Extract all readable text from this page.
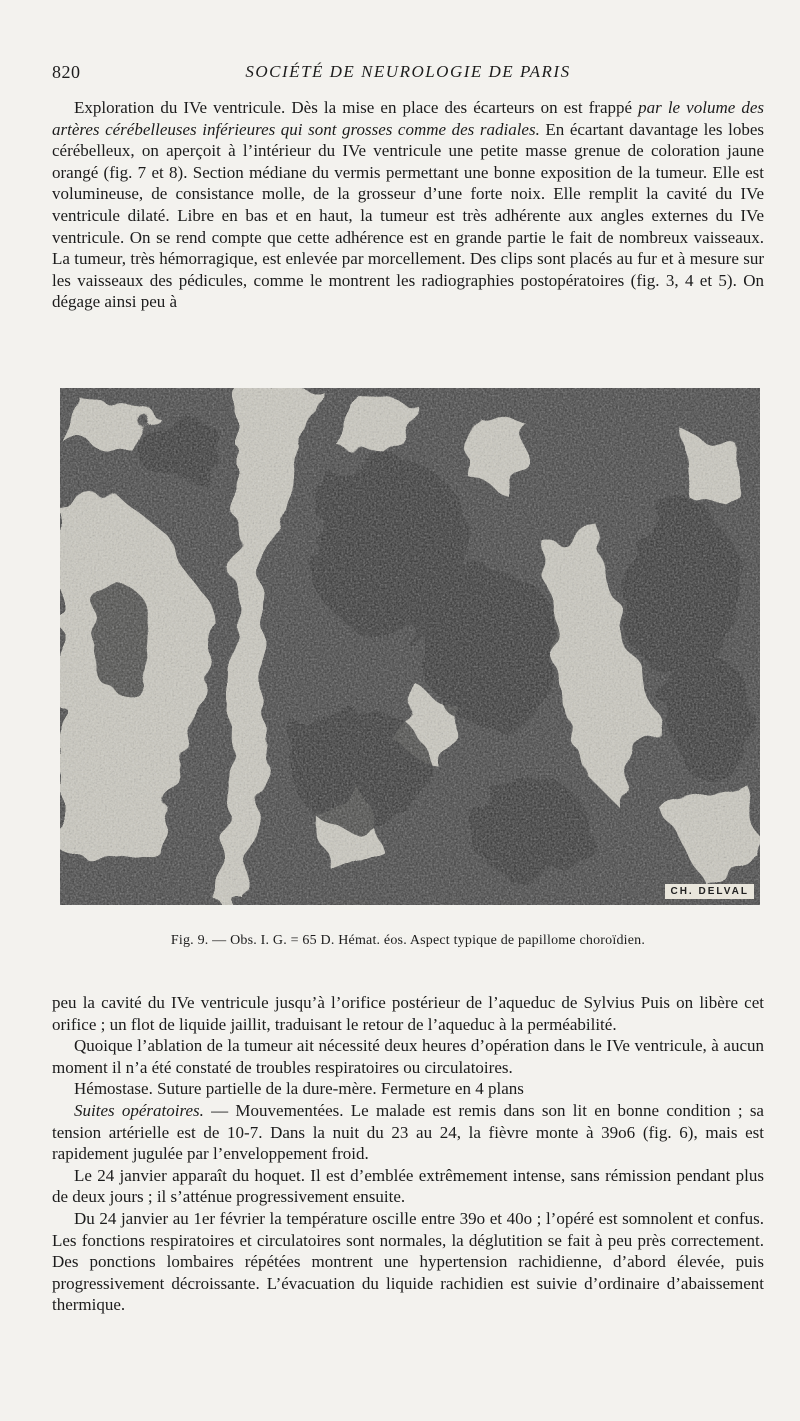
820	SOCIÉTÉ DE NEUROLOGIE DE PARIS

Exploration du IVe ventricule. Dès la mise en place des écarteurs on est frappé par le volume des artères cérébelleuses inférieures qui sont grosses comme des radiales. En écartant davantage les lobes cérébelleux, on aperçoit à l’intérieur du IVe ventricule une petite masse grenue de coloration jaune orangé (fig. 7 et 8). Section médiane du vermis permettant une bonne exposition de la tumeur. Elle est volumineuse, de consistance molle, de la grosseur d’une forte noix. Elle remplit la cavité du IVe ventricule dilaté. Libre en bas et en haut, la tumeur est très adhérente aux angles externes du IVe ventricule. On se rend compte que cette adhérence est en grande partie le fait de nombreux vaisseaux. La tumeur, très hémorragique, est enlevée par morcellement. Des clips sont placés au fur et à mesure sur les vaisseaux des pédicules, comme le montrent les radiographies postopératoires (fig. 3, 4 et 5). On dégage ainsi peu à

CH. DELVAL
Fig. 9. — Obs. I. G. = 65 D. Hémat. éos. Aspect typique de papillome choroïdien.

peu la cavité du IVe ventricule jusqu’à l’orifice postérieur de l’aqueduc de Sylvius Puis on libère cet orifice ; un flot de liquide jaillit, traduisant le retour de l’aqueduc à la perméabilité.

Quoique l’ablation de la tumeur ait nécessité deux heures d’opération dans le IVe ventricule, à aucun moment il n’a été constaté de troubles respiratoires ou circulatoires.

Hémostase. Suture partielle de la dure-mère. Fermeture en 4 plans

Suites opératoires. — Mouvementées. Le malade est remis dans son lit en bonne condition ; sa tension artérielle est de 10-7. Dans la nuit du 23 au 24, la fièvre monte à 39o6 (fig. 6), mais est rapidement jugulée par l’enveloppement froid.

Le 24 janvier apparaît du hoquet. Il est d’emblée extrêmement intense, sans rémission pendant plus de deux jours ; il s’atténue progressivement ensuite.

Du 24 janvier au 1er février la température oscille entre 39o et 40o ; l’opéré est somnolent et confus. Les fonctions respiratoires et circulatoires sont normales, la déglutition se fait à peu près correctement. Des ponctions lombaires répétées montrent une hypertension rachidienne, d’abord élevée, puis progressivement décroissante. L’évacuation du liquide rachidien est suivie d’ordinaire d’abaissement thermique.
